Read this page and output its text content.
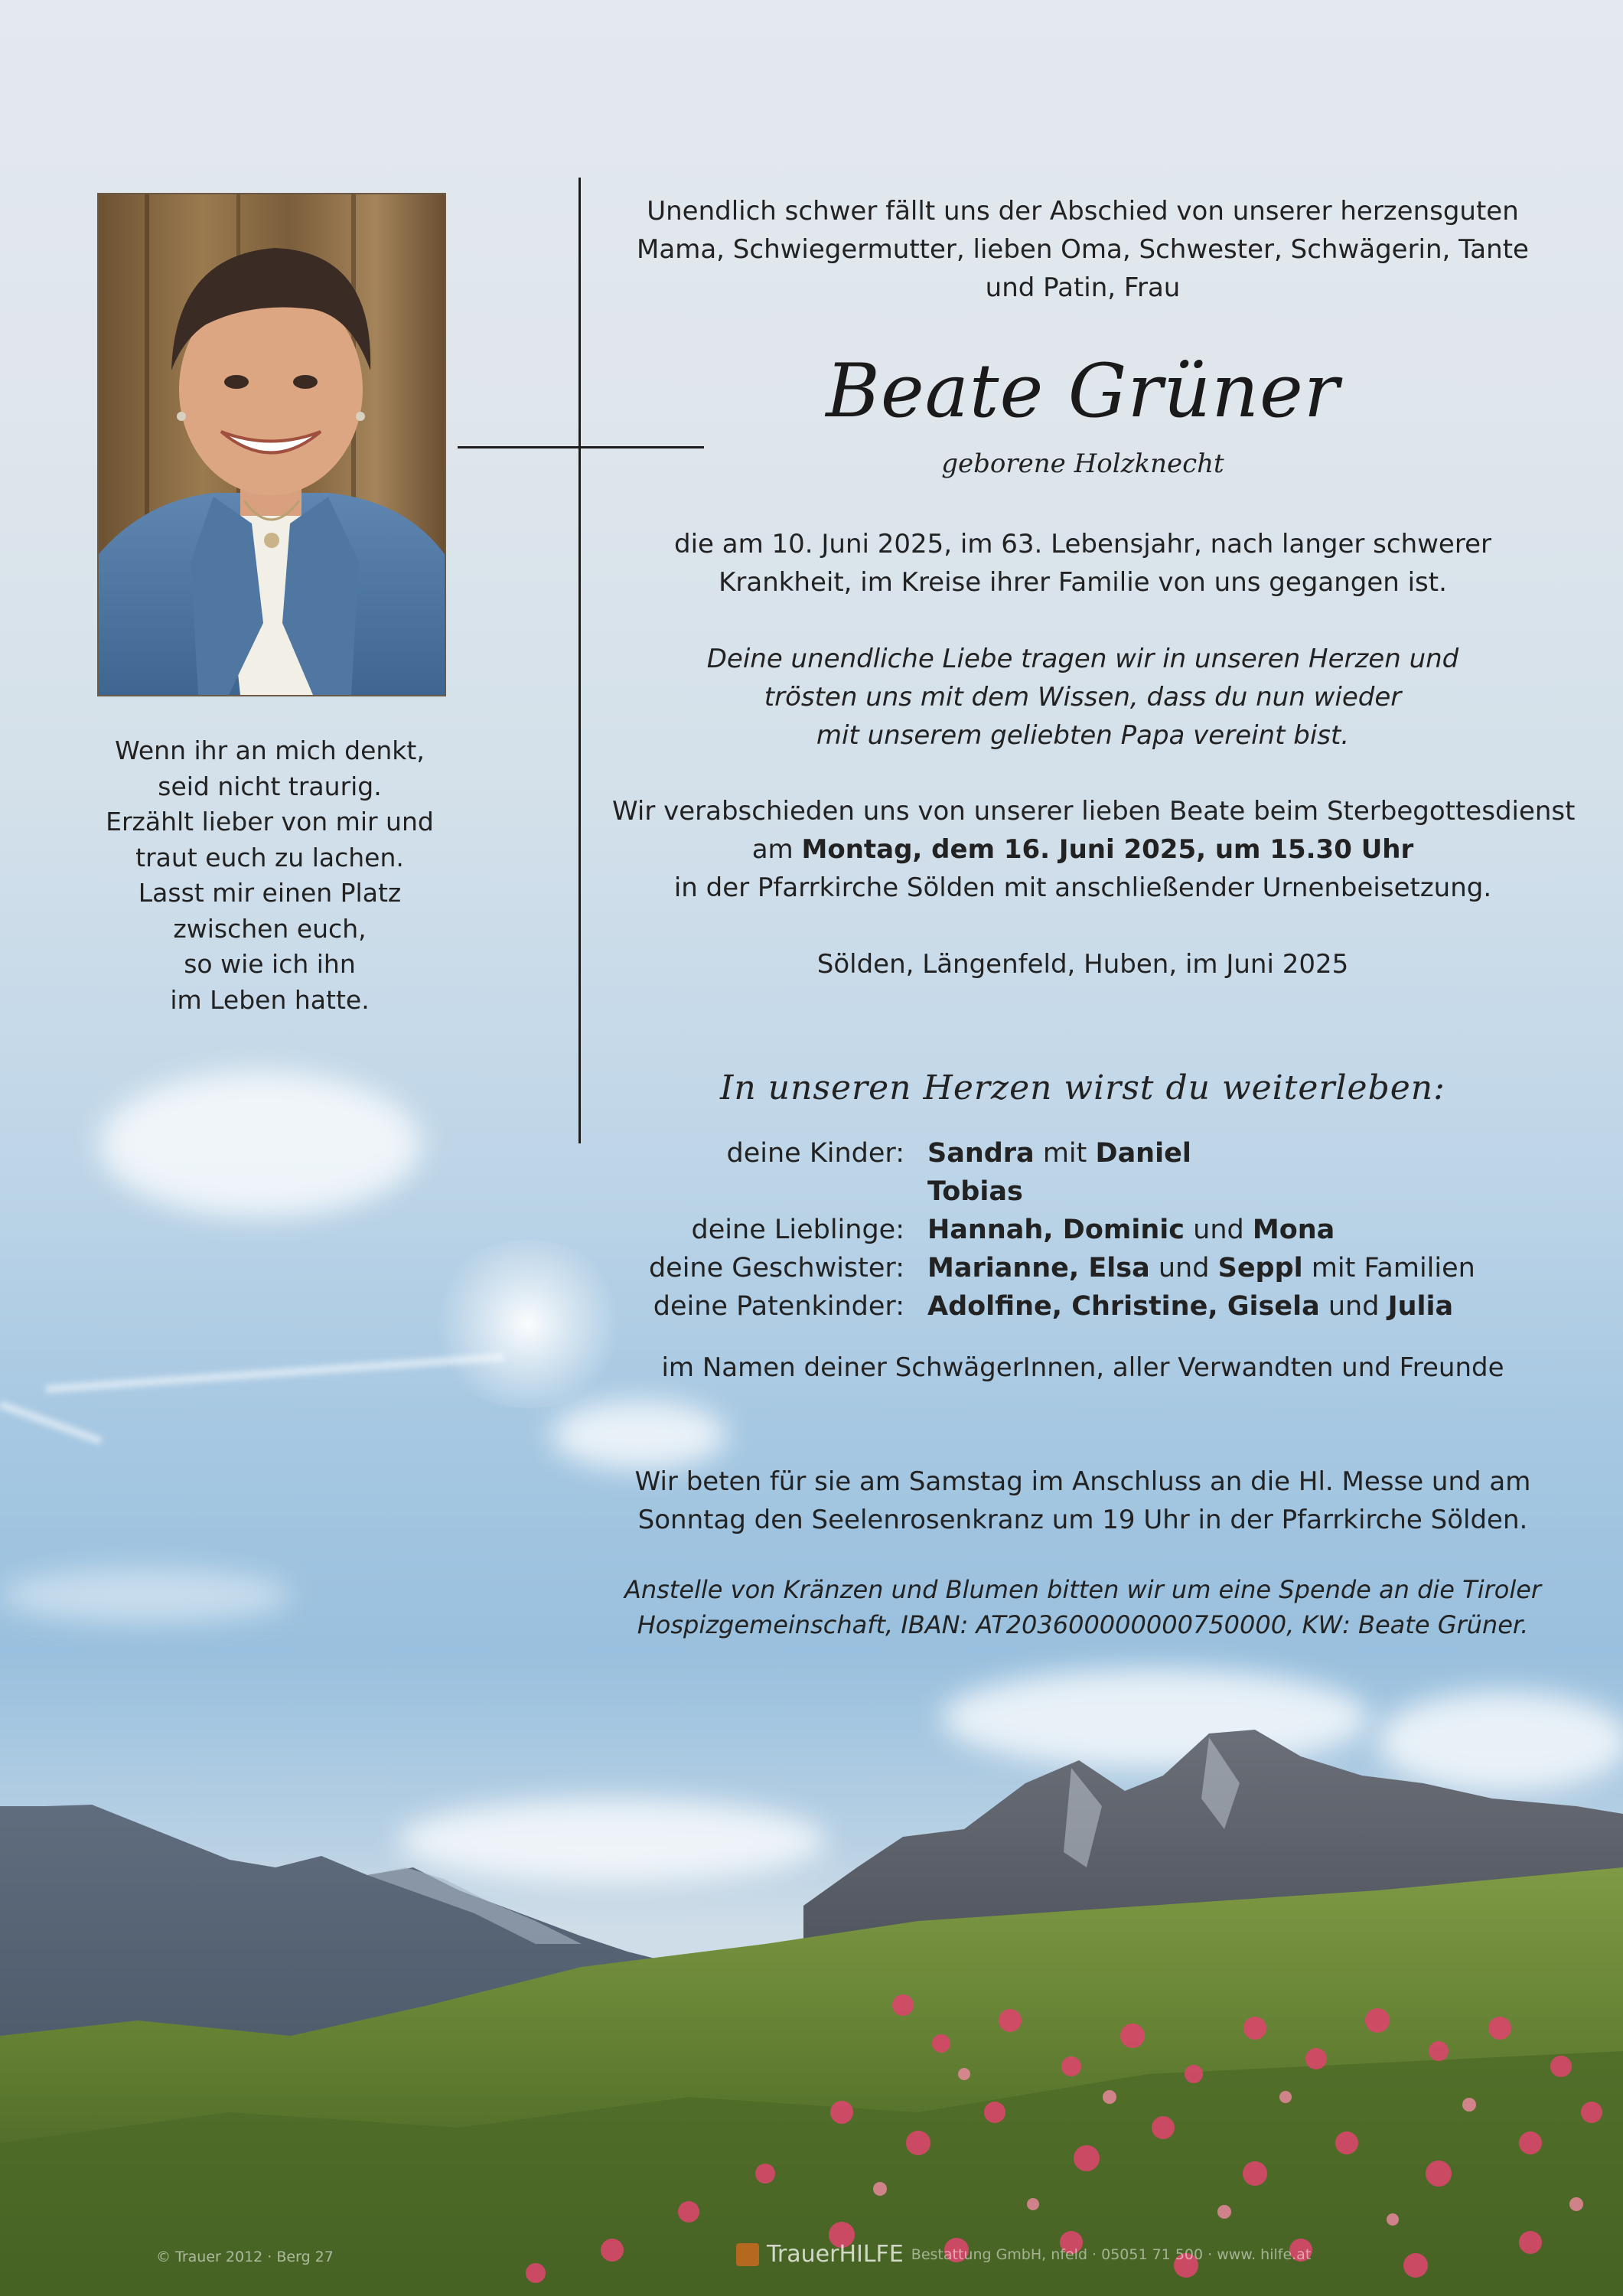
Wenn ihr an mich denkt,
seid nicht traurig.
Erzählt lieber von mir und
traut euch zu lachen.
Lasst mir einen Platz
zwischen euch,
so wie ich ihn
im Leben hatte.
Unendlich schwer fällt uns der Abschied von unserer herzensguten
Mama, Schwiegermutter, lieben Oma, Schwester, Schwägerin, Tante
und Patin, Frau
Beate Grüner
geborene Holzknecht
die am 10. Juni 2025, im 63. Lebensjahr, nach langer schwerer
Krankheit, im Kreise ihrer Familie von uns gegangen ist.
Deine unendliche Liebe tragen wir in unseren Herzen und
trösten uns mit dem Wissen, dass du nun wieder
mit unserem geliebten Papa vereint bist.
Wir verabschieden uns von unserer lieben Beate beim Sterbegottesdienst
am Montag, dem 16. Juni 2025, um 15.30 Uhr
in der Pfarrkirche Sölden mit anschließender Urnenbeisetzung.
Sölden, Längenfeld, Huben, im Juni 2025
In unseren Herzen wirst du weiterleben:
deine Kinder: Sandra mit Daniel
Tobias
deine Lieblinge: Hannah, Dominic und Mona
deine Geschwister: Marianne, Elsa und Seppl mit Familien
deine Patenkinder: Adolfine, Christine, Gisela und Julia
im Namen deiner SchwägerInnen, aller Verwandten und Freunde
Wir beten für sie am Samstag im Anschluss an die Hl. Messe und am
Sonntag den Seelenrosenkranz um 19 Uhr in der Pfarrkirche Sölden.
Anstelle von Kränzen und Blumen bitten wir um eine Spende an die Tiroler
Hospizgemeinschaft, IBAN: AT203600000000750000, KW: Beate Grüner.
© Trauer 2012 · Berg 27	TrauerHILFE Bestattung GmbH, nfeld · 05051 71 500 · www. hilfe.at
